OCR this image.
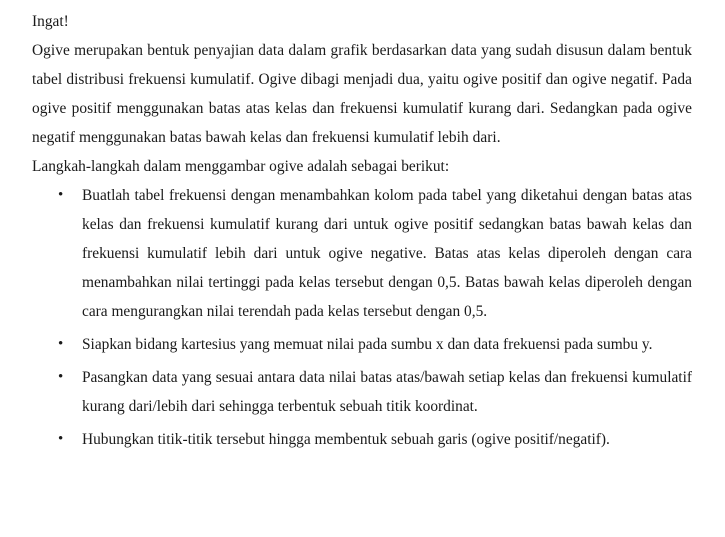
Ingat!

Ogive merupakan bentuk penyajian data dalam grafik berdasarkan data yang sudah disusun dalam bentuk tabel distribusi frekuensi kumulatif. Ogive dibagi menjadi dua, yaitu ogive positif dan ogive negatif. Pada ogive positif menggunakan batas atas kelas dan frekuensi kumulatif kurang dari. Sedangkan pada ogive negatif menggunakan batas bawah kelas dan frekuensi kumulatif lebih dari.

Langkah-langkah dalam menggambar ogive adalah sebagai berikut:

•	Buatlah tabel frekuensi dengan menambahkan kolom pada tabel yang diketahui dengan batas atas kelas dan frekuensi kumulatif kurang dari untuk ogive positif sedangkan batas bawah kelas dan frekuensi kumulatif lebih dari untuk ogive negative. Batas atas kelas diperoleh dengan cara menambahkan nilai tertinggi pada kelas tersebut dengan 0,5. Batas bawah kelas diperoleh dengan cara mengurangkan nilai terendah pada kelas tersebut dengan 0,5.
•	Siapkan bidang kartesius yang memuat nilai pada sumbu x dan data frekuensi pada sumbu y.
•	Pasangkan data yang sesuai antara data nilai batas atas/bawah setiap kelas dan frekuensi kumulatif kurang dari/lebih dari sehingga terbentuk sebuah titik koordinat.
•	Hubungkan titik-titik tersebut hingga membentuk sebuah garis (ogive positif/negatif).
